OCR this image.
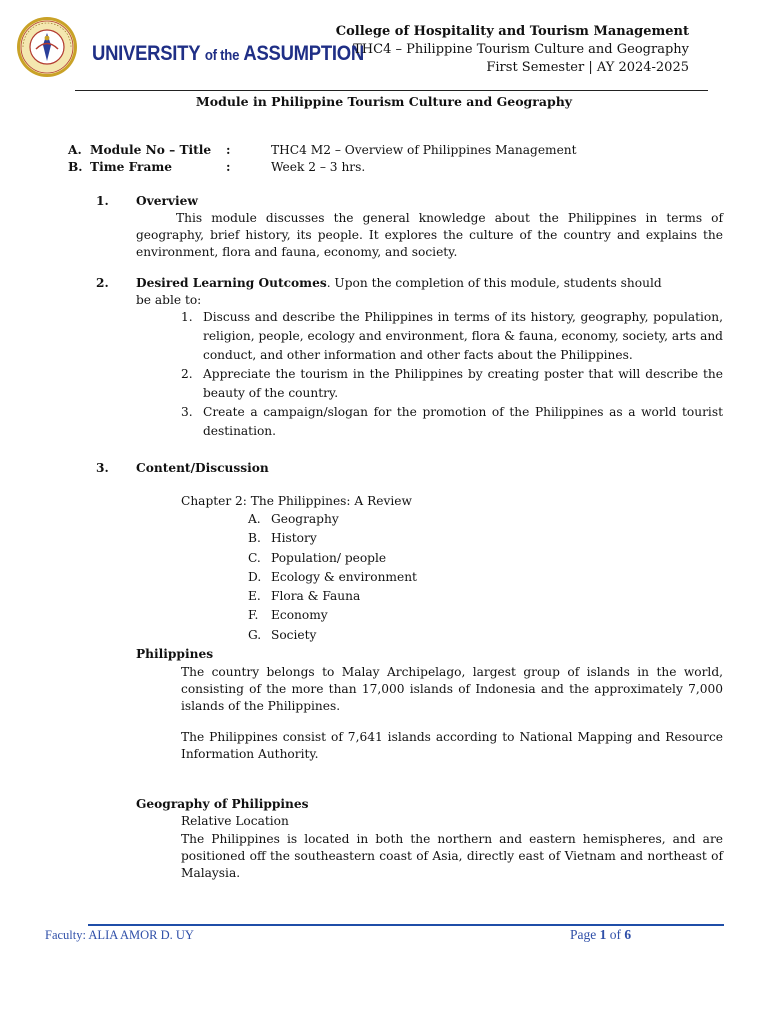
UNIVERSITY of the ASSUMPTION
College of Hospitality and Tourism Management
THC4 – Philippine Tourism Culture and Geography
First Semester | AY 2024-2025
Module in Philippine Tourism Culture and Geography
A. Module No – Title :	THC4 M2 – Overview of Philippines Management
B. Time Frame	:	Week 2 – 3 hrs.
1. Overview
This module discusses the general knowledge about the Philippines in terms of geography, brief history, its people. It explores the culture of the country and explains the environment, flora and fauna, economy, and society.
2. Desired Learning Outcomes. Upon the completion of this module, students should
be able to:
1. Discuss and describe the Philippines in terms of its history, geography, population, religion, people, ecology and environment, flora & fauna, economy, society, arts and conduct, and other information and other facts about the Philippines.
2. Appreciate the tourism in the Philippines by creating poster that will describe the beauty of the country.
3. Create a campaign/slogan for the promotion of the Philippines as a world tourist destination.
3. Content/Discussion
Chapter 2: The Philippines: A Review
A. Geography
B. History
C. Population/ people
D. Ecology & environment
E. Flora & Fauna
F. Economy
G. Society
Philippines
The country belongs to Malay Archipelago, largest group of islands in the world, consisting of the more than 17,000 islands of Indonesia and the approximately 7,000 islands of the Philippines.
The Philippines consist of 7,641 islands according to National Mapping and Resource Information Authority.
Geography of Philippines
Relative Location
The Philippines is located in both the northern and eastern hemispheres, and are positioned off the southeastern coast of Asia, directly east of Vietnam and northeast of Malaysia.
Faculty: ALIA AMOR D. UY	Page 1 of 6
